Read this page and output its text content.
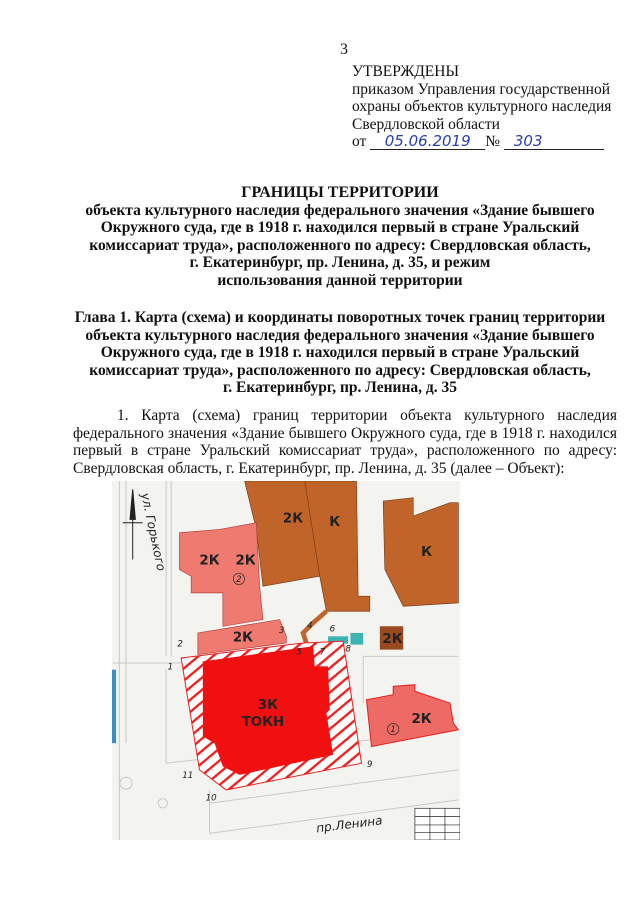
3
УТВЕРЖДЕНЫ
приказом Управления государственной
охраны объектов культурного наследия
Свердловской области
от 05.06.2019 № 303
ГРАНИЦЫ ТЕРРИТОРИИ
объекта культурного наследия федерального значения «Здание бывшего
Окружного суда, где в 1918 г. находился первый в стране Уральский
комиссариат труда», расположенного по адресу: Свердловская область,
г. Екатеринбург, пр. Ленина, д. 35, и режим
использования данной территории
Глава 1. Карта (схема) и координаты поворотных точек границ территории
объекта культурного наследия федерального значения «Здание бывшего
Окружного суда, где в 1918 г. находился первый в стране Уральский
комиссариат труда», расположенного по адресу: Свердловская область,
г. Екатеринбург, пр. Ленина, д. 35
1. Карта (схема) границ территории объекта культурного наследия
федерального значения «Здание бывшего Окружного суда, где в 1918 г. находился
первый в стране Уральский комиссариат труда», расположенного по адресу:
Свердловская область, г. Екатеринбург, пр. Ленина, д. 35 (далее – Объект):
2К К
К
2К 2К
2К	2К
2К
3К
ТОКН
2
1
1
2
3
4
5
6
7 8
9
10
11
ул. Горького
пр.Ленина
